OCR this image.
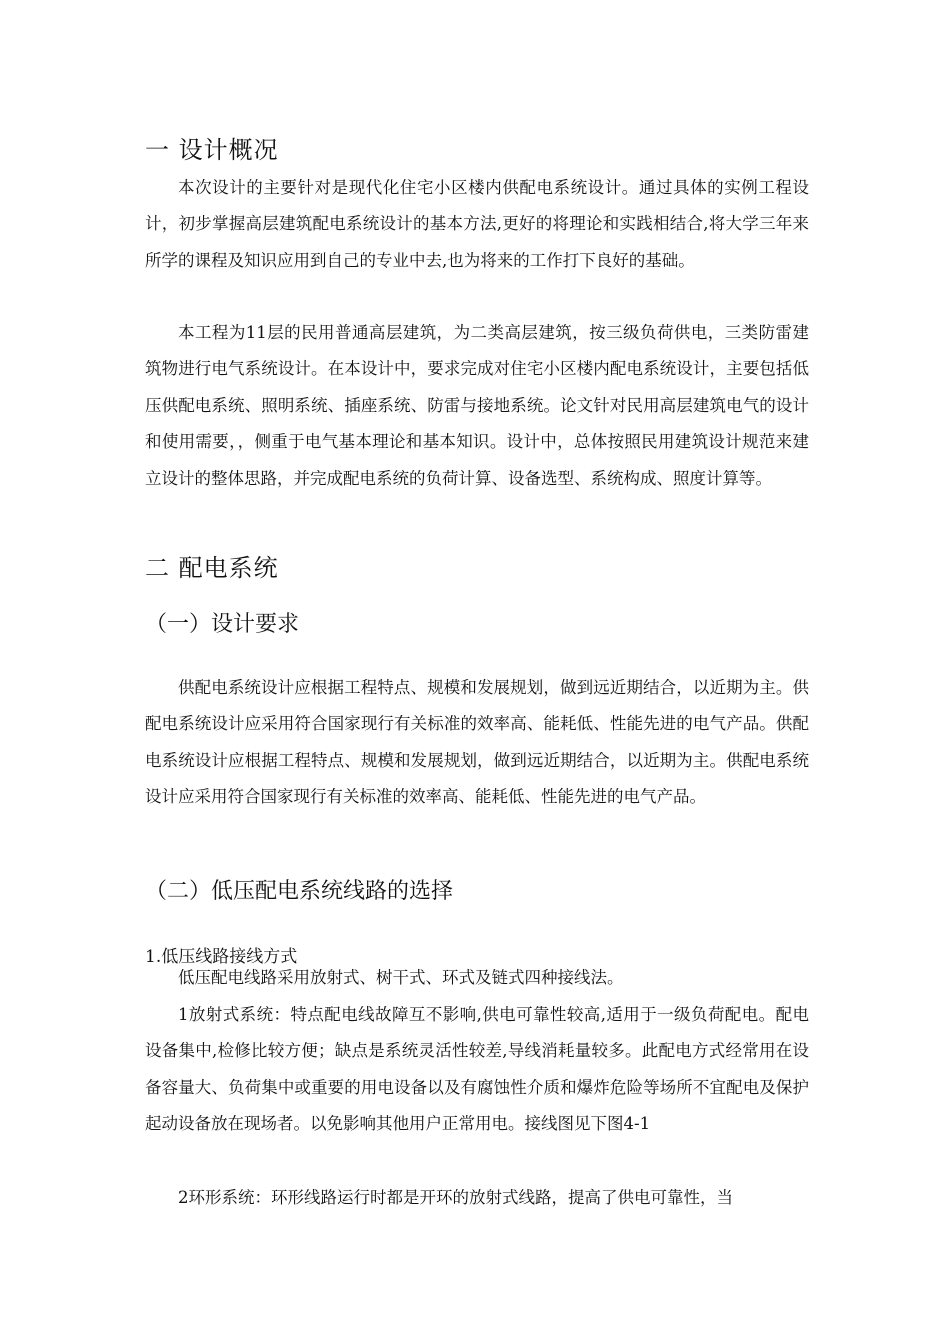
一 设计概况

本次设计的主要针对是现代化住宅小区楼内供配电系统设计。通过具体的实例工程设计，初步掌握高层建筑配电系统设计的基本方法,更好的将理论和实践相结合,将大学三年来所学的课程及知识应用到自己的专业中去,也为将来的工作打下良好的基础。

本工程为11层的民用普通高层建筑，为二类高层建筑，按三级负荷供电，三类防雷建筑物进行电气系统设计。在本设计中，要求完成对住宅小区楼内配电系统设计，主要包括低压供配电系统、照明系统、插座系统、防雷与接地系统。论文针对民用高层建筑电气的设计和使用需要，，侧重于电气基本理论和基本知识。设计中，总体按照民用建筑设计规范来建立设计的整体思路，并完成配电系统的负荷计算、设备选型、系统构成、照度计算等。

二 配电系统
（一）设计要求

供配电系统设计应根据工程特点、规模和发展规划，做到远近期结合，以近期为主。供配电系统设计应采用符合国家现行有关标准的效率高、能耗低、性能先进的电气产品。供配电系统设计应根据工程特点、规模和发展规划，做到远近期结合，以近期为主。供配电系统设计应采用符合国家现行有关标准的效率高、能耗低、性能先进的电气产品。

（二）低压配电系统线路的选择
1.低压线路接线方式

低压配电线路采用放射式、树干式、环式及链式四种接线法。

1放射式系统：特点配电线故障互不影响,供电可靠性较高,适用于一级负荷配电。配电设备集中,检修比较方便；缺点是系统灵活性较差,导线消耗量较多。此配电方式经常用在设备容量大、负荷集中或重要的用电设备以及有腐蚀性介质和爆炸危险等场所不宜配电及保护起动设备放在现场者。以免影响其他用户正常用电。接线图见下图4-1

2环形系统：环形线路运行时都是开环的放射式线路，提高了供电可靠性，当
